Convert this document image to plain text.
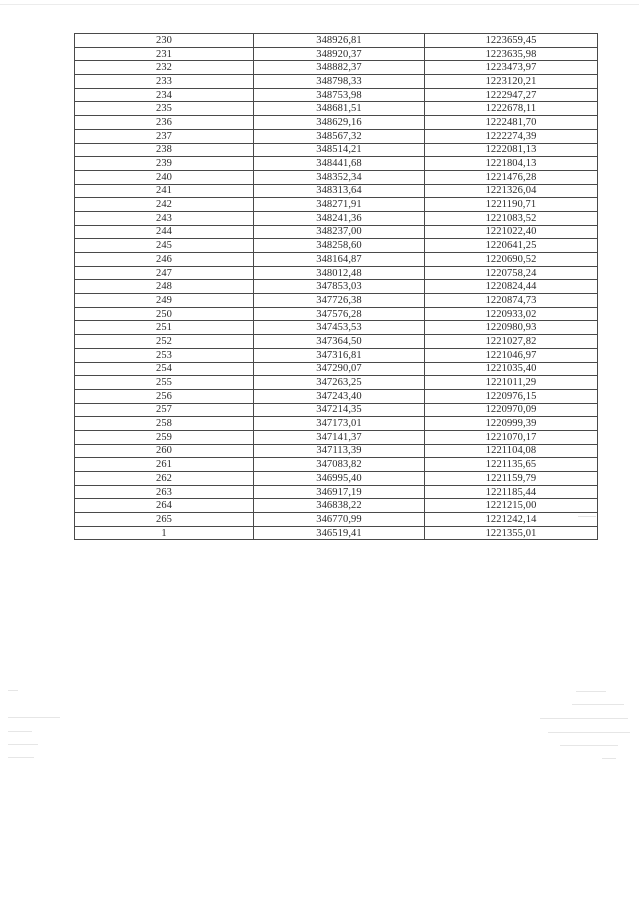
230	348926,81	1223659,45
231	348920,37	1223635,98
232	348882,37	1223473,97
233	348798,33	1223120,21
234	348753,98	1222947,27
235	348681,51	1222678,11
236	348629,16	1222481,70
237	348567,32	1222274,39
238	348514,21	1222081,13
239	348441,68	1221804,13
240	348352,34	1221476,28
241	348313,64	1221326,04
242	348271,91	1221190,71
243	348241,36	1221083,52
244	348237,00	1221022,40
245	348258,60	1220641,25
246	348164,87	1220690,52
247	348012,48	1220758,24
248	347853,03	1220824,44
249	347726,38	1220874,73
250	347576,28	1220933,02
251	347453,53	1220980,93
252	347364,50	1221027,82
253	347316,81	1221046,97
254	347290,07	1221035,40
255	347263,25	1221011,29
256	347243,40	1220976,15
257	347214,35	1220970,09
258	347173,01	1220999,39
259	347141,37	1221070,17
260	347113,39	1221104,08
261	347083,82	1221135,65
262	346995,40	1221159,79
263	346917,19	1221185,44
264	346838,22	1221215,00
265	346770,99	1221242,14
1	346519,41	1221355,01
